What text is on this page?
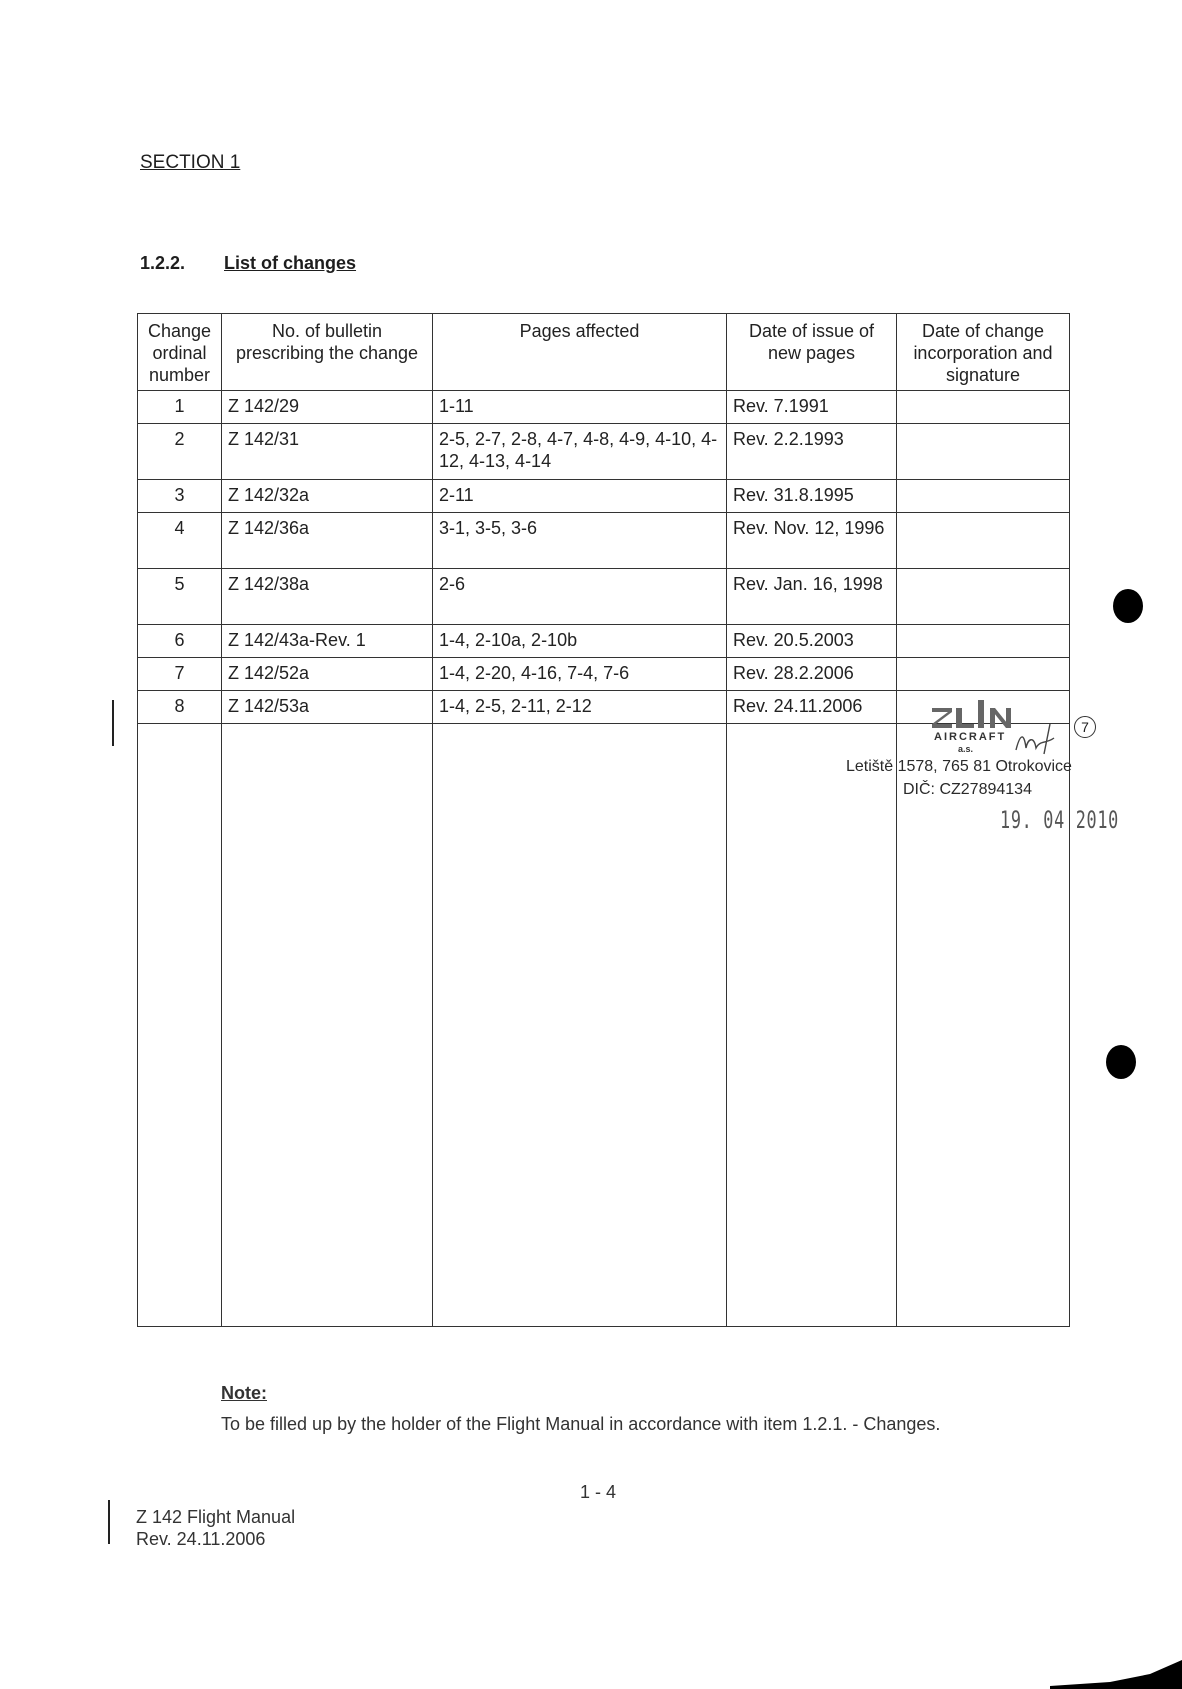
SECTION 1
1.2.2. List of changes
Change ordinal number	No. of bulletin prescribing the change	Pages affected	Date of issue of new pages	Date of change incorporation and signature
1	Z 142/29	1-11	Rev. 7.1991	
2	Z 142/31	2-5, 2-7, 2-8, 4-7, 4-8, 4-9, 4-10, 4-12, 4-13, 4-14	Rev. 2.2.1993	
3	Z 142/32a	2-11	Rev. 31.8.1995	
4	Z 142/36a	3-1, 3-5, 3-6	Rev. Nov. 12, 1996	
5	Z 142/38a	2-6	Rev. Jan. 16, 1998	
6	Z 142/43a-Rev. 1	1-4, 2-10a, 2-10b	Rev. 20.5.2003	
7	Z 142/52a	1-4, 2-20, 4-16, 7-4, 7-6	Rev. 28.2.2006	
8	Z 142/53a	1-4, 2-5, 2-11, 2-12	Rev. 24.11.2006	

AIRCRAFT
a.s.
Letiště 1578, 765 81 Otrokovice
DIČ: CZ27894134
19. 04 2010
7
Note:
To be filled up by the holder of the Flight Manual in accordance with item 1.2.1. - Changes.
1 - 4
Z 142 Flight Manual
Rev. 24.11.2006
